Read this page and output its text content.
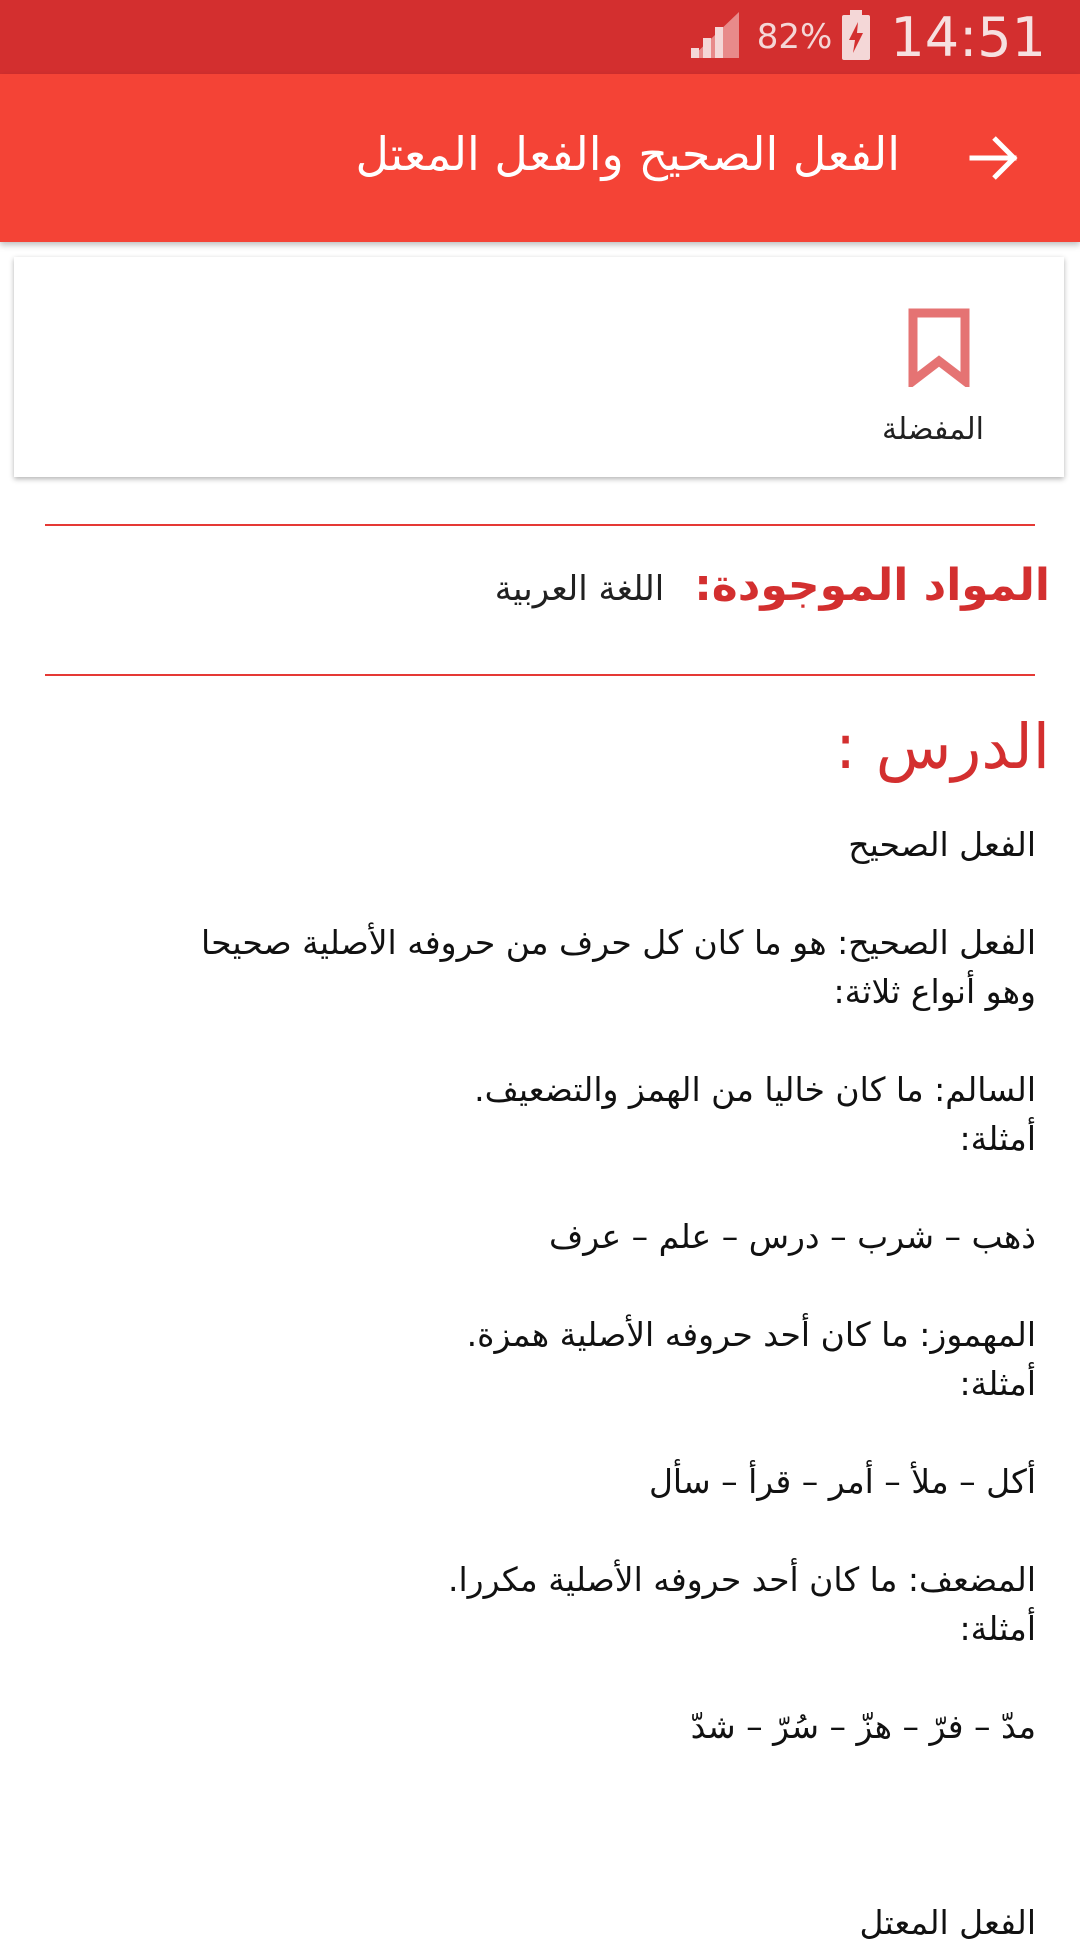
82% 14:51
الفعل الصحيح والفعل المعتل
المفضلة
المواد الموجودة:
اللغة العربية
الدرس :

الفعل الصحيح

الفعل الصحيح: هو ما كان كل حرف من حروفه الأصلية صحيحا

وهو أنواع ثلاثة:

السالم: ما كان خاليا من الهمز والتضعيف.

أمثلة:

ذهب – شرب – درس – علم – عرف

المهموز: ما كان أحد حروفه الأصلية همزة.

أمثلة:

أكل – ملأ – أمر – قرأ – سأل

المضعف: ما كان أحد حروفه الأصلية مكررا.

أمثلة:

مدّ – فرّ – هزّ – سُرّ – شدّ

الفعل المعتل
